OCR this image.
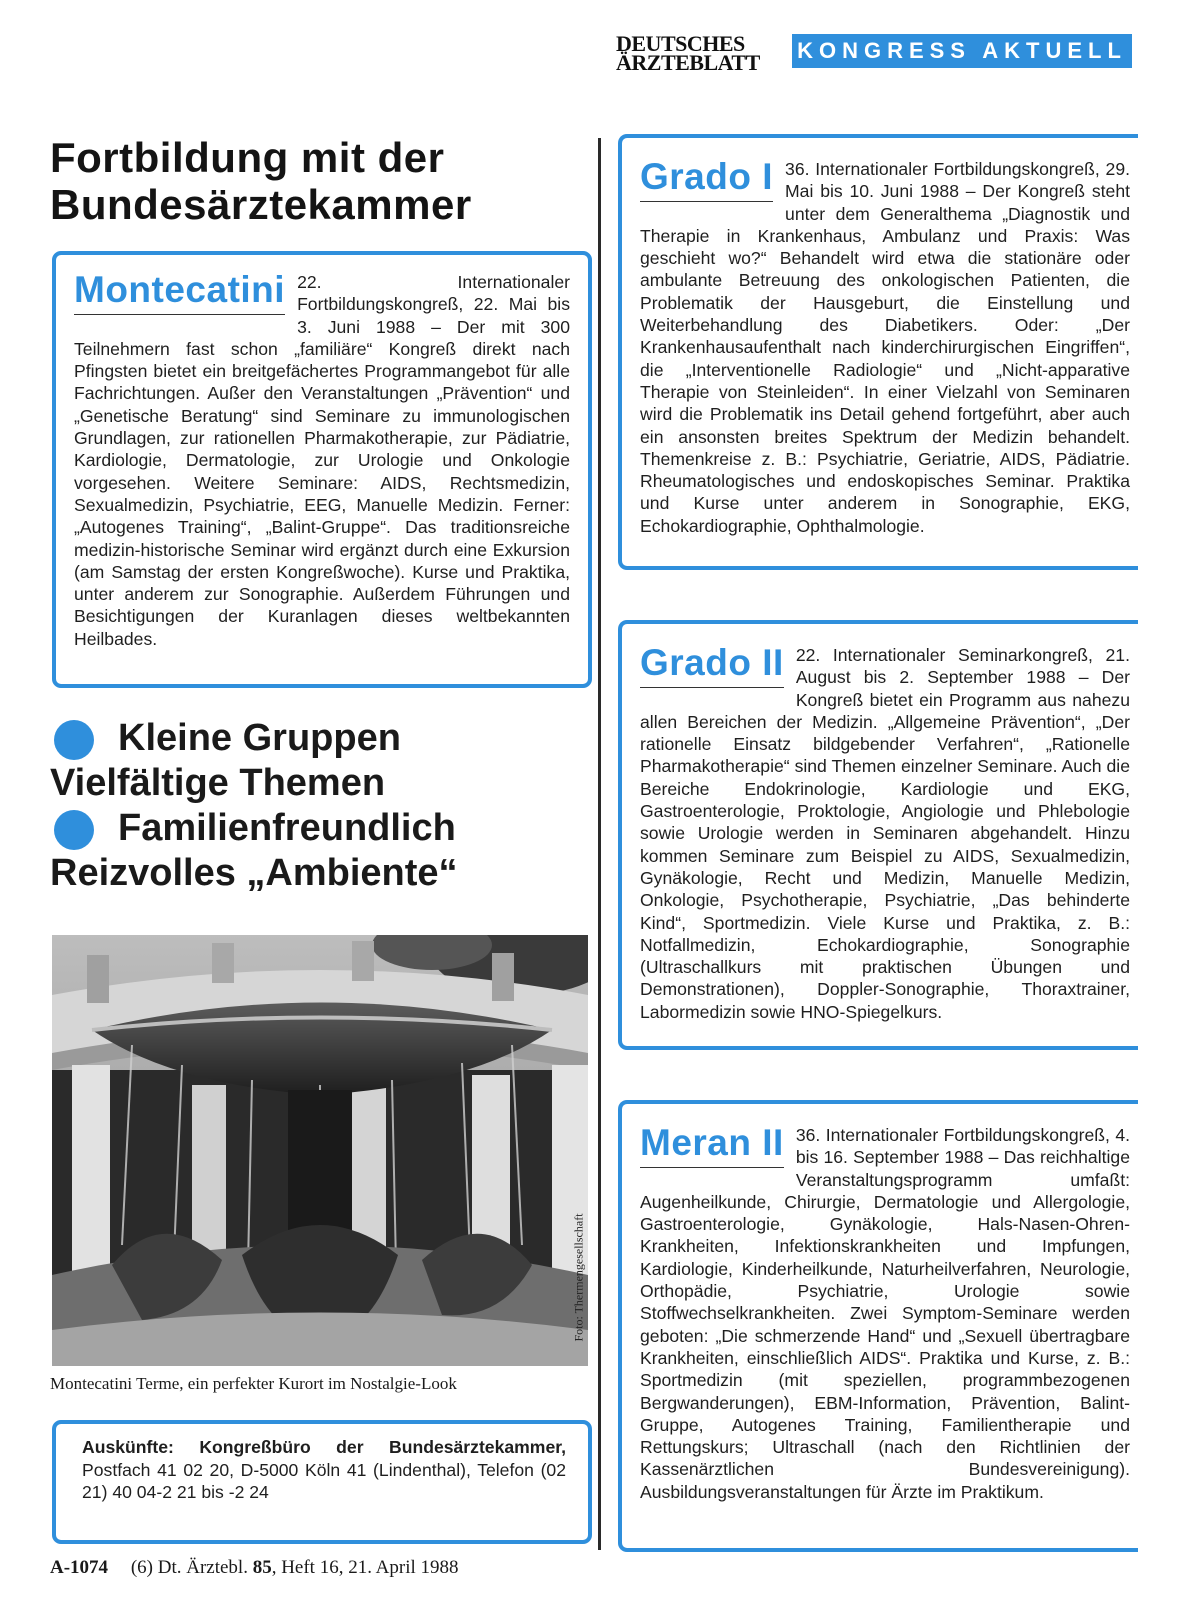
DEUTSCHES
ÄRZTEBLATT	KONGRESS AKTUELL
Fortbildung mit der
Bundesärztekammer
Montecatini 22. Internationaler Fortbildungskongreß, 22. Mai bis 3. Juni 1988 – Der mit 300 Teilnehmern fast schon „familiäre“ Kongreß direkt nach Pfingsten bietet ein breitgefächertes Programmangebot für alle Fachrichtungen. Außer den Veranstaltungen „Prävention“ und „Genetische Beratung“ sind Seminare zu immunologischen Grundlagen, zur rationellen Pharmakotherapie, zur Pädiatrie, Kardiologie, Dermatologie, zur Urologie und Onkologie vorgesehen. Weitere Seminare: AIDS, Rechtsmedizin, Sexualmedizin, Psychiatrie, EEG, Manuelle Medizin. Ferner: „Autogenes Training“, „Balint-Gruppe“. Das traditionsreiche medizin-historische Seminar wird ergänzt durch eine Exkursion (am Samstag der ersten Kongreßwoche). Kurse und Praktika, unter anderem zur Sonographie. Außerdem Führungen und Besichtigungen der Kuranlagen dieses weltbekannten Heilbades.
Kleine Gruppen
Vielfältige Themen
Familienfreundlich
Reizvolles „Ambiente“
Foto: Thermengesellschaft
Montecatini Terme, ein perfekter Kurort im Nostalgie-Look
Auskünfte: Kongreßbüro der Bundesärztekammer, Postfach 41 02 20, D-5000 Köln 41 (Lindenthal), Telefon (02 21) 40 04-2 21 bis -2 24
Grado I 36. Internationaler Fortbildungskongreß, 29. Mai bis 10. Juni 1988 – Der Kongreß steht unter dem Generalthema „Diagnostik und Therapie in Krankenhaus, Ambulanz und Praxis: Was geschieht wo?“ Behandelt wird etwa die stationäre oder ambulante Betreuung des onkologischen Patienten, die Problematik der Hausgeburt, die Einstellung und Weiterbehandlung des Diabetikers. Oder: „Der Krankenhausaufenthalt nach kinderchirurgischen Eingriffen“, die „Interventionelle Radiologie“ und „Nicht-apparative Therapie von Steinleiden“. In einer Vielzahl von Seminaren wird die Problematik ins Detail gehend fortgeführt, aber auch ein ansonsten breites Spektrum der Medizin behandelt. Themenkreise z. B.: Psychiatrie, Geriatrie, AIDS, Pädiatrie. Rheumatologisches und endoskopisches Seminar. Praktika und Kurse unter anderem in Sonographie, EKG, Echokardiographie, Ophthalmologie.
Grado II 22. Internationaler Seminarkongreß, 21. August bis 2. September 1988 – Der Kongreß bietet ein Programm aus nahezu allen Bereichen der Medizin. „Allgemeine Prävention“, „Der rationelle Einsatz bildgebender Verfahren“, „Rationelle Pharmakotherapie“ sind Themen einzelner Seminare. Auch die Bereiche Endokrinologie, Kardiologie und EKG, Gastroenterologie, Proktologie, Angiologie und Phlebologie sowie Urologie werden in Seminaren abgehandelt. Hinzu kommen Seminare zum Beispiel zu AIDS, Sexualmedizin, Gynäkologie, Recht und Medizin, Manuelle Medizin, Onkologie, Psychotherapie, Psychiatrie, „Das behinderte Kind“, Sportmedizin. Viele Kurse und Praktika, z. B.: Notfallmedizin, Echokardiographie, Sonographie (Ultraschallkurs mit praktischen Übungen und Demonstrationen), Doppler-Sonographie, Thoraxtrainer, Labormedizin sowie HNO-Spiegelkurs.
Meran II 36. Internationaler Fortbildungskongreß, 4. bis 16. September 1988 – Das reichhaltige Veranstaltungsprogramm umfaßt: Augenheilkunde, Chirurgie, Dermatologie und Allergologie, Gastroenterologie, Gynäkologie, Hals-Nasen-Ohren-Krankheiten, Infektionskrankheiten und Impfungen, Kardiologie, Kinderheilkunde, Naturheilverfahren, Neurologie, Orthopädie, Psychiatrie, Urologie sowie Stoffwechselkrankheiten. Zwei Symptom-Seminare werden geboten: „Die schmerzende Hand“ und „Sexuell übertragbare Krankheiten, einschließlich AIDS“. Praktika und Kurse, z. B.: Sportmedizin (mit speziellen, programmbezogenen Bergwanderungen), EBM-Information, Prävention, Balint-Gruppe, Autogenes Training, Familientherapie und Rettungskurs; Ultraschall (nach den Richtlinien der Kassenärztlichen Bundesvereinigung). Ausbildungsveranstaltungen für Ärzte im Praktikum.
A-1074 (6) Dt. Ärztebl. 85, Heft 16, 21. April 1988
